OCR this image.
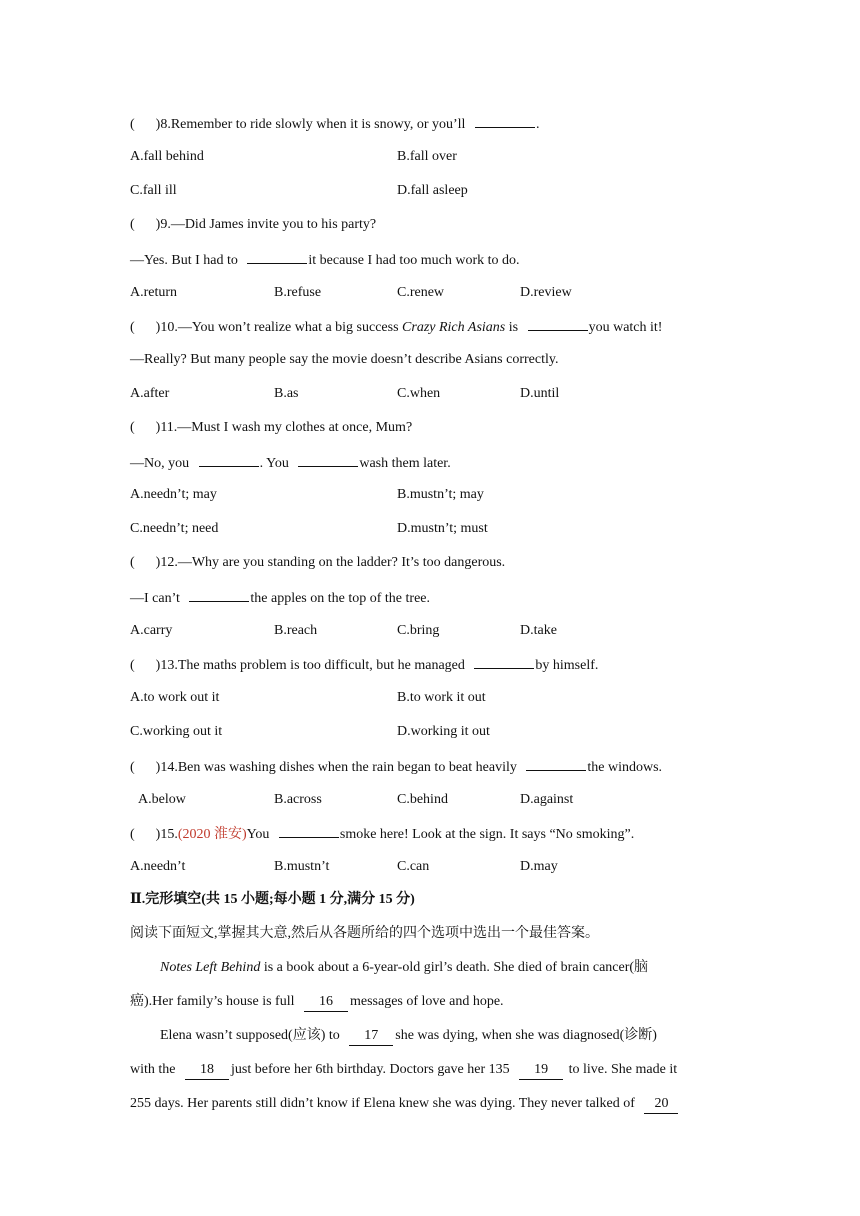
(      )8.Remember to ride slowly when it is snowy, or you’ll	.
A.fall behind	B.fall over
C.fall ill	D.fall asleep
(      )9.—Did James invite you to his party?
—Yes. But I had to	it because I had too much work to do.
A.return	B.refuse	C.renew	D.review
(      )10.—You won’t realize what a big success Crazy Rich Asians is	you watch it!
—Really? But many people say the movie doesn’t describe Asians correctly.
A.after	B.as	C.when	D.until
(      )11.—Must I wash my clothes at once, Mum?
—No, you	. You	wash them later.
A.needn’t; may	B.mustn’t; may
C.needn’t; need	D.mustn’t; must
(      )12.—Why are you standing on the ladder? It’s too dangerous.
—I can’t	the apples on the top of the tree.
A.carry	B.reach	C.bring	D.take
(      )13.The maths problem is too difficult, but he managed	by himself.
A.to work out it	B.to work it out
C.working out it	D.working it out
(      )14.Ben was washing dishes when the rain began to beat heavily	the windows.
A.below	B.across	C.behind	D.against
(      )15.(2020 淮安)You	smoke here! Look at the sign. It says “No smoking”.
A.needn’t	B.mustn’t	C.can	D.may
Ⅱ.完形填空(共 15 小题;每小题 1 分,满分 15 分)
阅读下面短文,掌握其大意,然后从各题所给的四个选项中选出一个最佳答案。
Notes Left Behind is a book about a 6-year-old girl’s death. She died of brain cancer(脑
癌).Her family’s house is full 16 messages of love and hope.
Elena wasn’t supposed(应该) to 17 she was dying, when she was diagnosed(诊断)
with the 18 just before her 6th birthday. Doctors gave her 135 19 to live. She made it
255 days. Her parents still didn’t know if Elena knew she was dying. They never talked of 20
